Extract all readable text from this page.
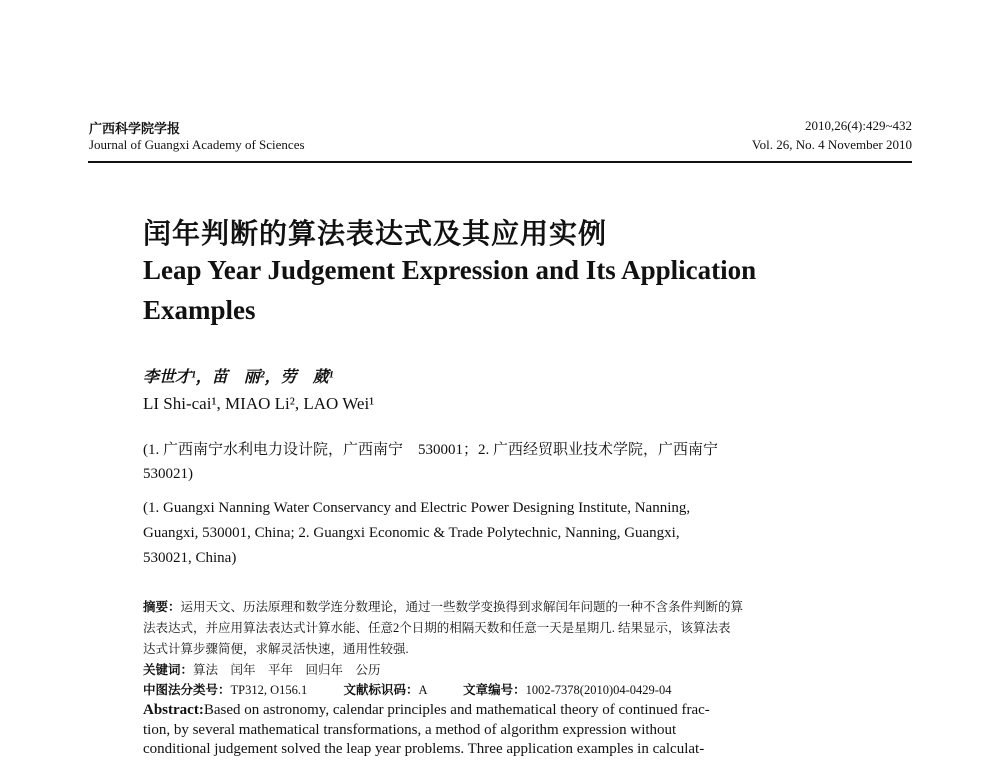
广西科学院学报
Journal of Guangxi Academy of Sciences
2010,26(4):429~432
Vol. 26, No. 4 November 2010
闰年判断的算法表达式及其应用实例
Leap Year Judgement Expression and Its Application
Examples
李世才¹，苗　丽²，劳　葳¹
LI Shi-cai¹, MIAO Li², LAO Wei¹
(1. 广西南宁水利电力设计院，广西南宁　530001；2. 广西经贸职业技术学院，广西南宁
530021)
(1. Guangxi Nanning Water Conservancy and Electric Power Designing Institute, Nanning,
Guangxi, 530001, China; 2. Guangxi Economic & Trade Polytechnic, Nanning, Guangxi,
530021, China)
摘要：运用天文、历法原理和数学连分数理论，通过一些数学变换得到求解闰年问题的一种不含条件判断的算
法表达式，并应用算法表达式计算水能、任意2个日期的相隔天数和任意一天是星期几. 结果显示，该算法表
达式计算步骤简便，求解灵活快速，通用性较强.
关键词：算法　闰年　平年　回归年　公历
中图法分类号：TP312, O156.1	文献标识码：A	文章编号：1002-7378(2010)04-0429-04
Abstract:Based on astronomy, calendar principles and mathematical theory of continued frac-
tion, by several mathematical transformations, a method of algorithm expression without
conditional judgement solved the leap year problems. Three application examples in calculat-
